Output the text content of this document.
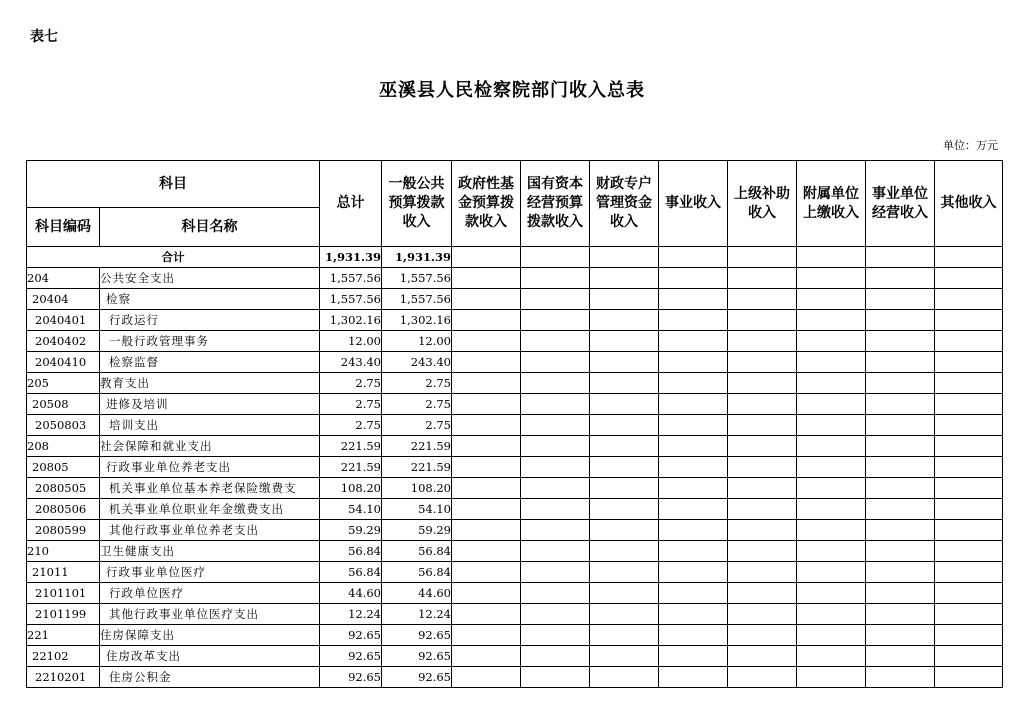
表七
巫溪县人民检察院部门收入总表
单位：万元
科目		总计	一般公共预算拨款收入	政府性基金预算拨款收入	国有资本经营预算拨款收入	财政专户管理资金收入	事业收入	上级补助收入	附属单位上缴收入	事业单位经营收入	其他收入
科目编码	科目名称										
合计		1,931.39	1,931.39								
204	公共安全支出	1,557.56	1,557.56								
20404	检察	1,557.56	1,557.56								
2040401	行政运行	1,302.16	1,302.16								
2040402	一般行政管理事务	12.00	12.00								
2040410	检察监督	243.40	243.40								
205	教育支出	2.75	2.75								
20508	进修及培训	2.75	2.75								
2050803	培训支出	2.75	2.75								
208	社会保障和就业支出	221.59	221.59								
20805	行政事业单位养老支出	221.59	221.59								
2080505	机关事业单位基本养老保险缴费支	108.20	108.20								
2080506	机关事业单位职业年金缴费支出	54.10	54.10								
2080599	其他行政事业单位养老支出	59.29	59.29								
210	卫生健康支出	56.84	56.84								
21011	行政事业单位医疗	56.84	56.84								
2101101	行政单位医疗	44.60	44.60								
2101199	其他行政事业单位医疗支出	12.24	12.24								
221	住房保障支出	92.65	92.65								
22102	住房改革支出	92.65	92.65								
2210201	住房公积金	92.65	92.65								
